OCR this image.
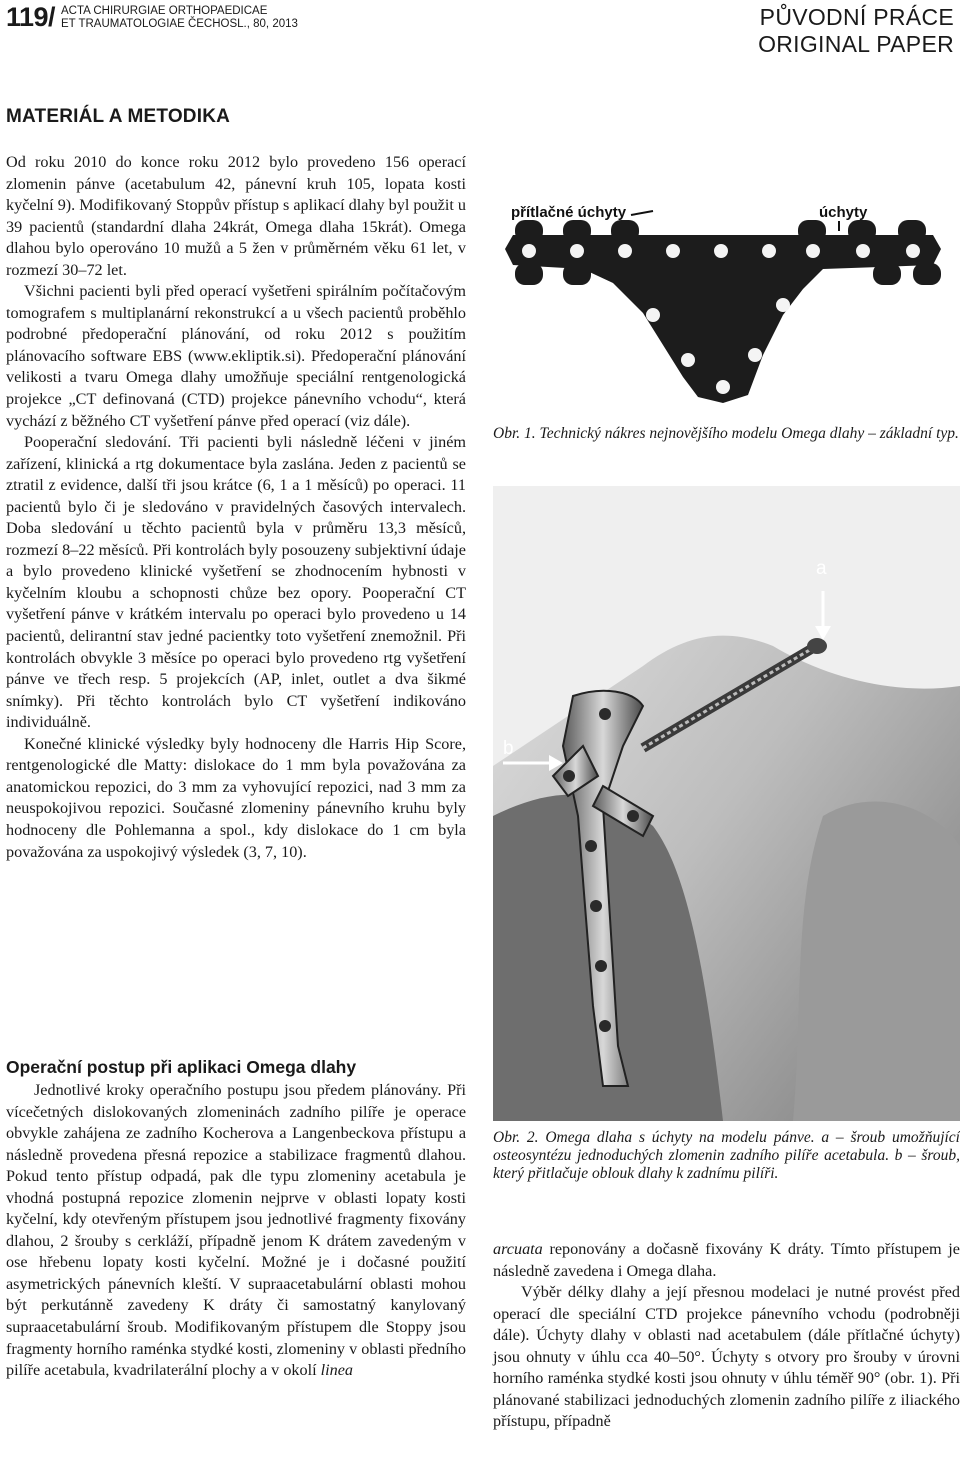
119/ ACTA CHIRURGIAE ORTHOPAEDICAE
ET TRAUMATOLOGIAE ČECHOSL., 80, 2013	PŮVODNÍ PRÁCE
ORIGINAL PAPER
MATERIÁL A METODIKA

Od roku 2010 do konce roku 2012 bylo provedeno 156 operací zlomenin pánve (acetabulum 42, pánevní kruh 105, lopata kosti kyčelní 9). Modifikovaný Stoppův přístup s aplikací dlahy byl použit u 39 pacientů (standardní dlaha 24krát, Omega dlaha 15krát). Omega dlahou bylo operováno 10 mužů a 5 žen v průměrném věku 61 let, v rozmezí 30–72 let.

Všichni pacienti byli před operací vyšetřeni spirálním počítačovým tomografem s multiplanární rekonstrukcí a u všech pacientů proběhlo podrobné předoperační plánování, od roku 2012 s použitím plánovacího software EBS (www.ekliptik.si). Předoperační plánování velikosti a tvaru Omega dlahy umožňuje speciální rentgenologická projekce „CT definovaná (CTD) projekce pánevního vchodu“, která vychází z běžného CT vyšetření pánve před operací (viz dále).

Pooperační sledování. Tři pacienti byli následně léčeni v jiném zařízení, klinická a rtg dokumentace byla zaslána. Jeden z pacientů se ztratil z evidence, další tři jsou krátce (6, 1 a 1 měsíců) po operaci. 11 pacientů bylo či je sledováno v pravidelných časových intervalech. Doba sledování u těchto pacientů byla v průměru 13,3 měsíců, rozmezí 8–22 měsíců. Při kontrolách byly posouzeny subjektivní údaje a bylo provedeno klinické vyšetření se zhodnocením hybnosti v kyčelním kloubu a schopnosti chůze bez opory. Pooperační CT vyšetření pánve v krátkém intervalu po operaci bylo provedeno u 14 pacientů, delirantní stav jedné pacientky toto vyšetření znemožnil. Při kontrolách obvykle 3 měsíce po operaci bylo provedeno rtg vyšetření pánve ve třech resp. 5 projekcích (AP, inlet, outlet a dva šikmé snímky). Při těchto kontrolách bylo CT vyšetření indikováno individuálně.

Konečné klinické výsledky byly hodnoceny dle Harris Hip Score, rentgenologické dle Matty: dislokace do 1 mm byla považována za anatomickou repozici, do 3 mm za vyhovující repozici, nad 3 mm za neuspokojivou repozici. Současné zlomeniny pánevního kruhu byly hodnoceny dle Pohlemanna a spol., kdy dislokace do 1 cm byla považována za uspokojivý výsledek (3, 7, 10).

Operační postup při aplikaci Omega dlahy

Jednotlivé kroky operačního postupu jsou předem plánovány. Při vícečetných dislokovaných zlomeninách zadního pilíře je operace obvykle zahájena ze zadního Kocherova a Langenbeckova přístupu a následně provedena přesná repozice a stabilizace fragmentů dlahou. Pokud tento přístup odpadá, pak dle typu zlomeniny acetabula je vhodná postupná repozice zlomenin nejprve v oblasti lopaty kosti kyčelní, kdy otevřeným přístupem jsou jednotlivé fragmenty fixovány dlahou, 2 šrouby s cerkláží, případně jenom K drátem zavedeným v ose hřebenu lopaty kosti kyčelní. Možné je i dočasné použití asymetrických pánevních kleští. V supraacetabulární oblasti mohou být perkutánně zavedeny K dráty či samostatný kanylovaný supraacetabulární šroub. Modifikovaným přístupem dle Stoppy jsou fragmenty horního raménka stydké kosti, zlomeniny v oblasti předního pilíře acetabula, kvadrilaterální plochy a v okolí linea

přítlačné úchyty	úchyty
Obr. 1. Technický nákres nejnovějšího modelu Omega dlahy – základní typ.
a
b
Obr. 2. Omega dlaha s úchyty na modelu pánve. a – šroub umožňující osteosyntézu jednoduchých zlomenin zadního pilíře acetabula. b – šroub, který přitlačuje oblouk dlahy k zadnímu pilíři.

arcuata reponovány a dočasně fixovány K dráty. Tímto přístupem je následně zavedena i Omega dlaha.

Výběr délky dlahy a její přesnou modelaci je nutné provést před operací dle speciální CTD projekce pánevního vchodu (podrobněji dále). Úchyty dlahy v oblasti nad acetabulem (dále přítlačné úchyty) jsou ohnuty v úhlu cca 40–50°. Úchyty s otvory pro šrouby v úrovni horního raménka stydké kosti jsou ohnuty v úhlu téměř 90° (obr. 1). Při plánované stabilizaci jednoduchých zlomenin zadního pilíře z iliackého přístupu, případně
